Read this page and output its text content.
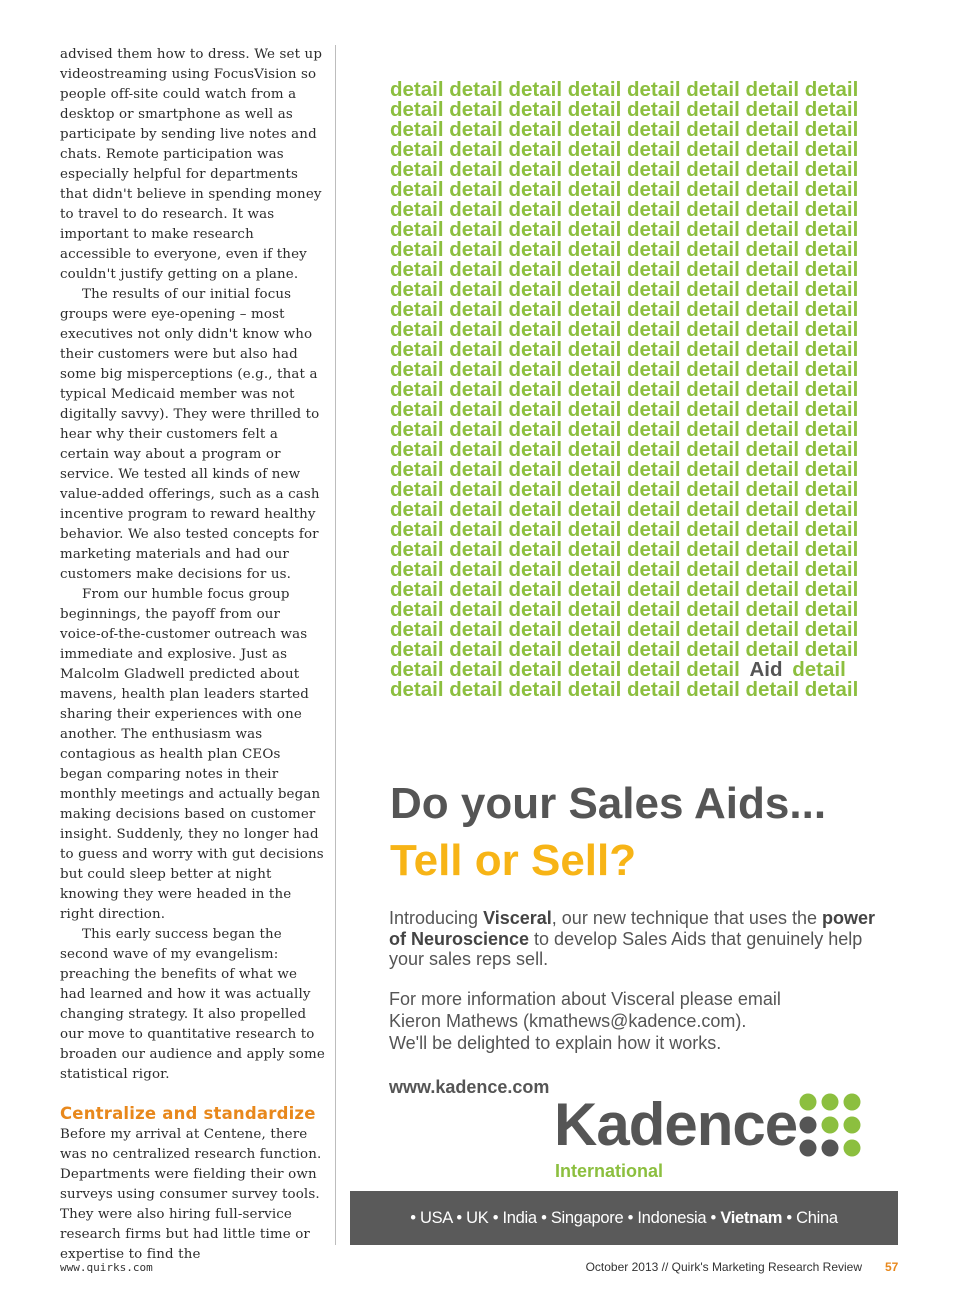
advised them how to dress. We set up videostreaming using FocusVision so people off-site could watch from a desktop or smartphone as well as participate by sending live notes and chats. Remote participation was especially helpful for departments that didn't believe in spending money to travel to do research. It was important to make research accessible to everyone, even if they couldn't justify getting on a plane.

The results of our initial focus groups were eye-opening – most executives not only didn't know who their customers were but also had some big misperceptions (e.g., that a typical Medicaid member was not digitally savvy). They were thrilled to hear why their customers felt a certain way about a program or service. We tested all kinds of new value-added offerings, such as a cash incentive program to reward healthy behavior. We also tested concepts for marketing materials and had our customers make decisions for us.

From our humble focus group beginnings, the payoff from our voice-of-the-customer outreach was immediate and explosive. Just as Malcolm Gladwell predicted about mavens, health plan leaders started sharing their experiences with one another. The enthusiasm was contagious as health plan CEOs began comparing notes in their monthly meetings and actually began making decisions based on customer insight. Suddenly, they no longer had to guess and worry with gut decisions but could sleep better at night knowing they were headed in the right direction.

This early success began the second wave of my evangelism: preaching the benefits of what we had learned and how it was actually changing strategy. It also propelled our move to quantitative research to broaden our audience and apply some statistical rigor.

Centralize and standardize

Before my arrival at Centene, there was no centralized research function. Departments were fielding their own surveys using consumer survey tools. They were also hiring full-service research firms but had little time or expertise to find the

detail detail detail detail detail detail detail detail
detail detail detail detail detail detail detail detail
detail detail detail detail detail detail detail detail
detail detail detail detail detail detail detail detail
detail detail detail detail detail detail detail detail
detail detail detail detail detail detail detail detail
detail detail detail detail detail detail detail detail
detail detail detail detail detail detail detail detail
detail detail detail detail detail detail detail detail
detail detail detail detail detail detail detail detail
detail detail detail detail detail detail detail detail
detail detail detail detail detail detail detail detail
detail detail detail detail detail detail detail detail
detail detail detail detail detail detail detail detail
detail detail detail detail detail detail detail detail
detail detail detail detail detail detail detail detail
detail detail detail detail detail detail detail detail
detail detail detail detail detail detail detail detail
detail detail detail detail detail detail detail detail
detail detail detail detail detail detail detail detail
detail detail detail detail detail detail detail detail
detail detail detail detail detail detail detail detail
detail detail detail detail detail detail detail detail
detail detail detail detail detail detail detail detail
detail detail detail detail detail detail detail detail
detail detail detail detail detail detail detail detail
detail detail detail detail detail detail detail detail
detail detail detail detail detail detail detail detail
detail detail detail detail detail detail detail detail
detail detail detail detail detail detail Aid detail
detail detail detail detail detail detail detail detail
Do your Sales Aids...
Tell or Sell?
Introducing Visceral, our new technique that uses the power of Neuroscience to develop Sales Aids that genuinely help your sales reps sell.
For more information about Visceral please email
Kieron Mathews (kmathews@kadence.com).
We'll be delighted to explain how it works.
www.kadence.com
Kadence
International
• USA • UK • India • Singapore • Indonesia • Vietnam • China
www.quirks.com	October 2013 // Quirk's Marketing Research Review 57
